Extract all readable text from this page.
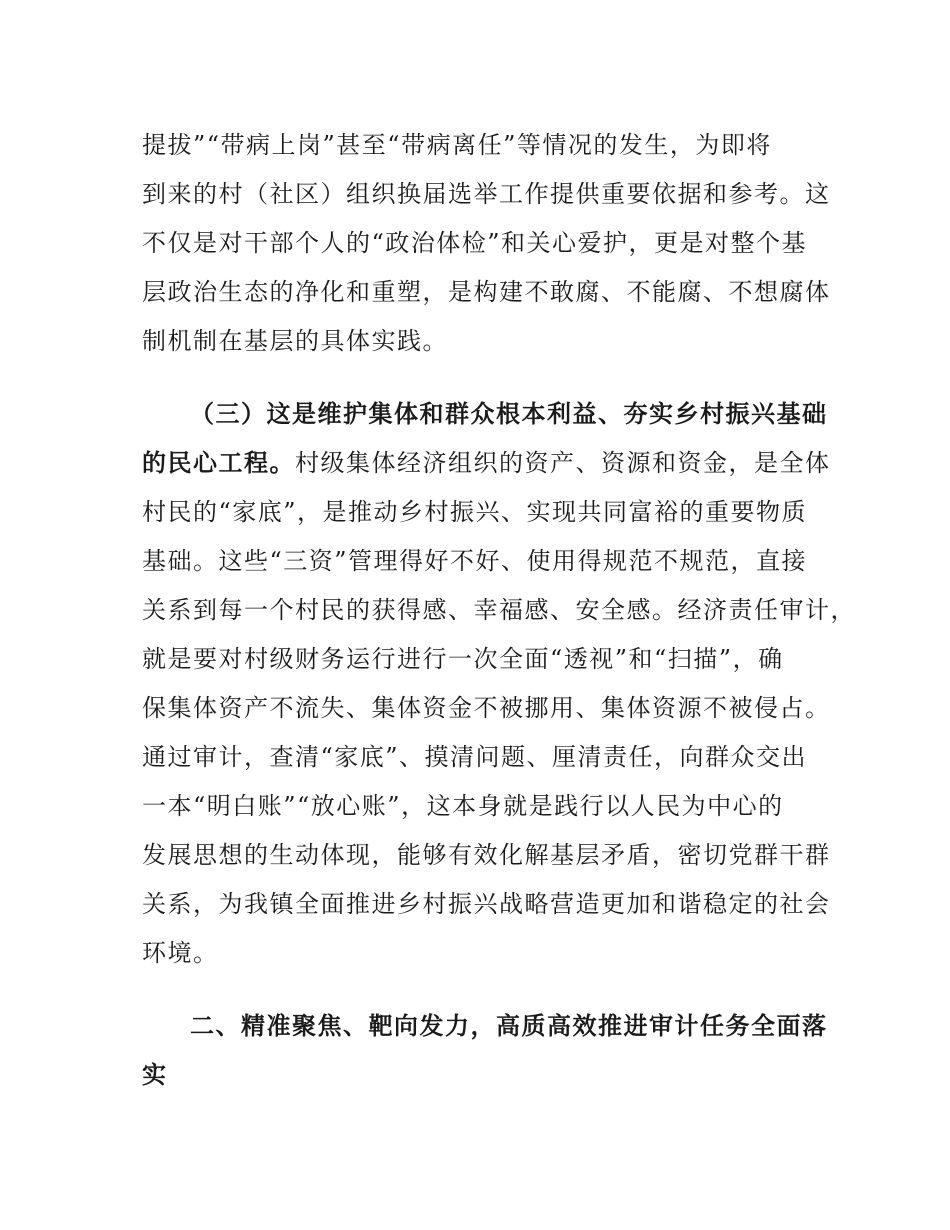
提拔”“带病上岗”甚至“带病离任”等情况的发生，为即将
到来的村（社区）组织换届选举工作提供重要依据和参考。这
不仅是对干部个人的“政治体检”和关心爱护，更是对整个基
层政治生态的净化和重塑，是构建不敢腐、不能腐、不想腐体
制机制在基层的具体实践。

（三）这是维护集体和群众根本利益、夯实乡村振兴基础
的民心工程。村级集体经济组织的资产、资源和资金，是全体
村民的“家底”，是推动乡村振兴、实现共同富裕的重要物质
基础。这些“三资”管理得好不好、使用得规范不规范，直接
关系到每一个村民的获得感、幸福感、安全感。经济责任审计，
就是要对村级财务运行进行一次全面“透视”和“扫描”，确
保集体资产不流失、集体资金不被挪用、集体资源不被侵占。
通过审计，查清“家底”、摸清问题、厘清责任，向群众交出
一本“明白账”“放心账”，这本身就是践行以人民为中心的
发展思想的生动体现，能够有效化解基层矛盾，密切党群干群
关系，为我镇全面推进乡村振兴战略营造更加和谐稳定的社会
环境。

二、精准聚焦、靶向发力，高质高效推进审计任务全面落
实
